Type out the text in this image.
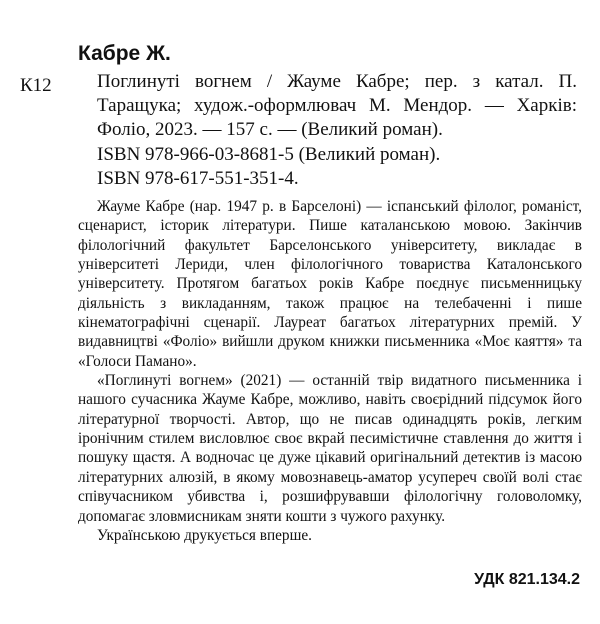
Кабре Ж.

К12 Поглинуті вогнем / Жауме Кабре; пер. з катал. П. Таращука; худож.-оформлювач М. Мендор. — Харків: Фоліо, 2023. — 157 с. — (Великий роман).

ISBN 978-966-03-8681-5 (Великий роман).

ISBN 978-617-551-351-4.

Жауме Кабре (нар. 1947 р. в Барселоні) — іспанський філолог, романіст, сценарист, історик літератури. Пише каталанською мовою. Закінчив філологічний факультет Барселонського університету, викладає в університеті Лериди, член філологічного товариства Каталонського університету. Протягом багатьох років Кабре поєднує письменницьку діяльність з викладанням, також працює на телебаченні і пише кінематографічні сценарії. Лауреат багатьох літературних премій. У видавництві «Фоліо» вийшли друком книжки письменника «Моє каяття» та «Голоси Памано».

«Поглинуті вогнем» (2021) — останній твір видатного письменника і нашого сучасника Жауме Кабре, можливо, навіть своєрідний підсумок його літературної творчості. Автор, що не писав одинадцять років, легким іронічним стилем висловлює своє вкрай песимістичне ставлення до життя і пошуку щастя. А водночас це дуже цікавий оригінальний детектив із масою літературних алюзій, в якому мовознавець-аматор усупереч своїй волі стає співучасником убивства і, розшифрувавши філологічну головоломку, допомагає зловмисникам зняти кошти з чужого рахунку.

Українською друкується вперше.

УДК 821.134.2
